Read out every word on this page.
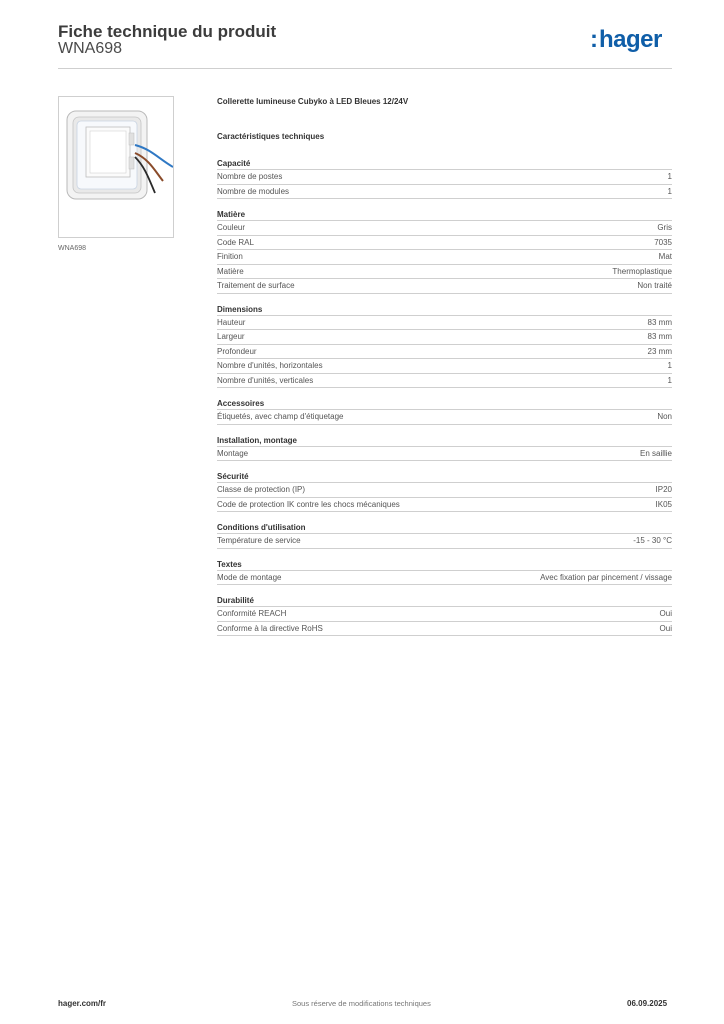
Fiche technique du produit
WNA698	:hager
WNA698
Collerette lumineuse Cubyko à LED Bleues 12/24V
Caractéristiques techniques
Capacité
Nombre de postes	1
Nombre de modules	1
Matière
Couleur	Gris
Code RAL	7035
Finition	Mat
Matière	Thermoplastique
Traitement de surface	Non traité
Dimensions
Hauteur	83 mm
Largeur	83 mm
Profondeur	23 mm
Nombre d'unités, horizontales	1
Nombre d'unités, verticales	1
Accessoires
Étiquetés, avec champ d'étiquetage	Non
Installation, montage
Montage	En saillie
Sécurité
Classe de protection (IP)	IP20
Code de protection IK contre les chocs mécaniques	IK05
Conditions d'utilisation
Température de service	-15 - 30 °C
Textes
Mode de montage	Avec fixation par pincement / vissage
Durabilité
Conformité REACH	Oui
Conforme à la directive RoHS	Oui
hager.com/fr	Sous réserve de modifications techniques	06.09.2025
